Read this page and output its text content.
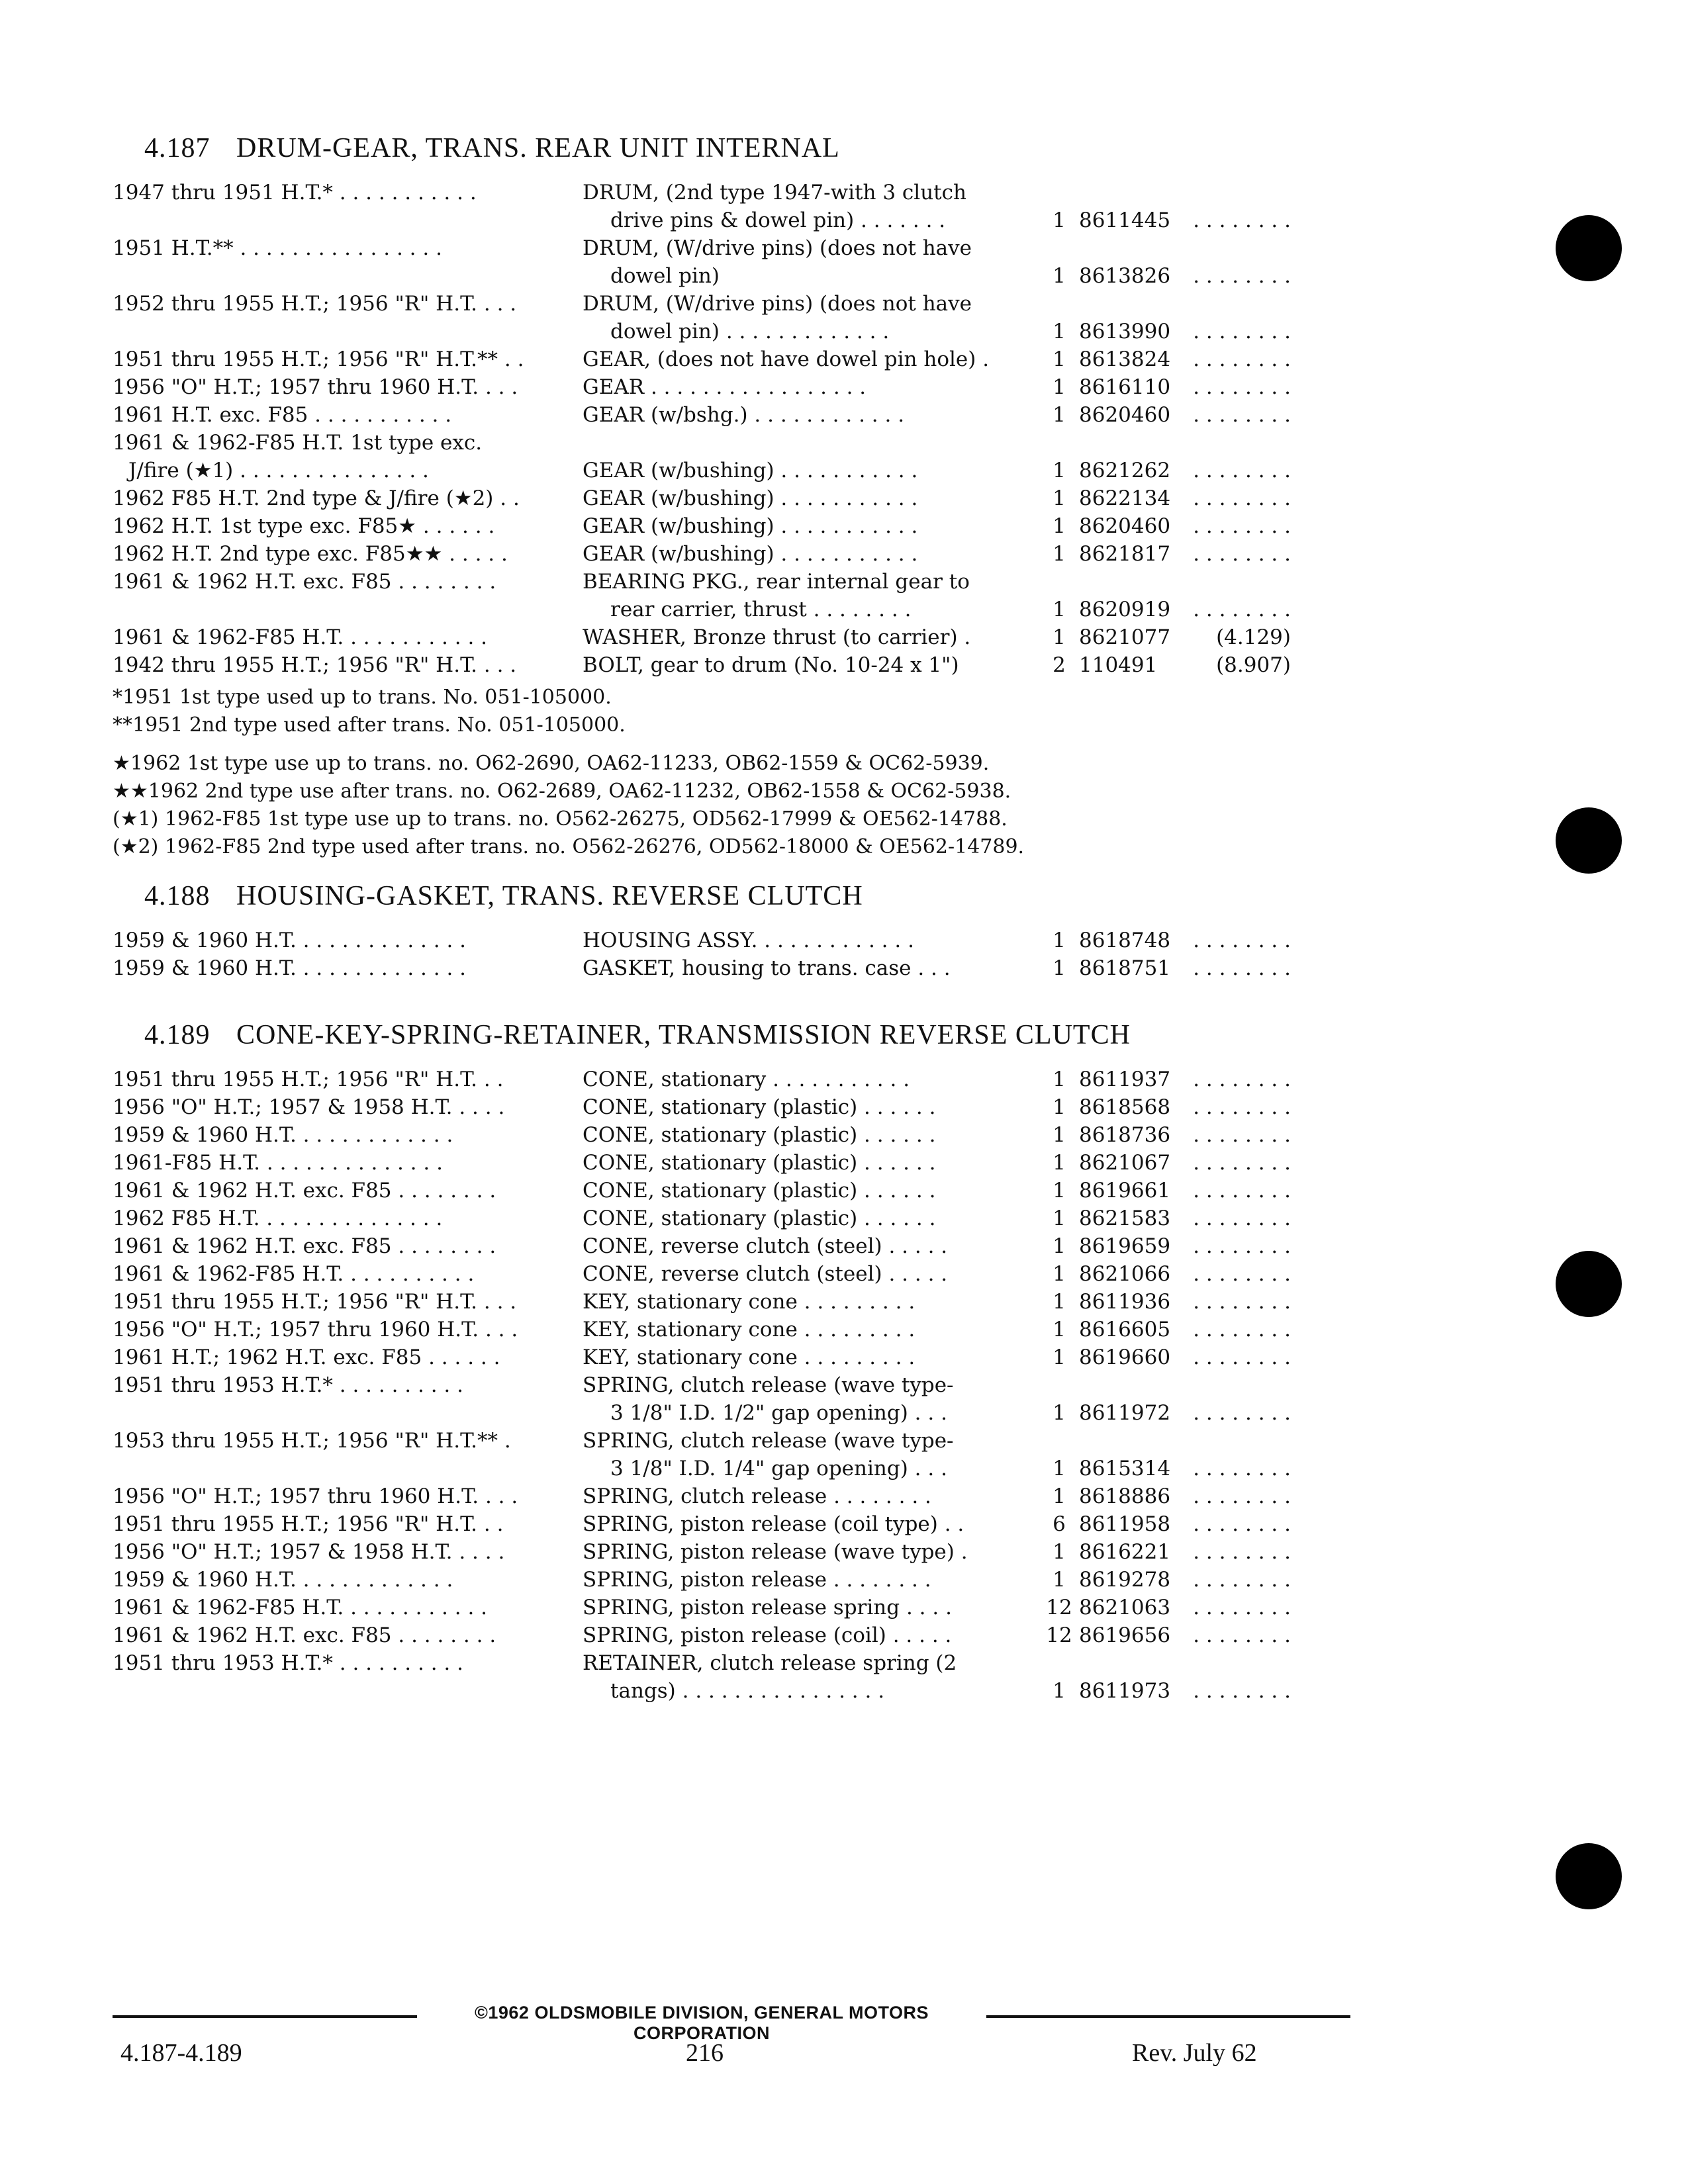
4.187 DRUM-GEAR, TRANS. REAR UNIT INTERNAL
1947 thru 1951 H.T.* . . . . . . . . . . .	DRUM, (2nd type 1947-with 3 clutch
drive pins & dowel pin) . . . . . . .	1 8611445	. . . . . . . .
1951 H.T.** . . . . . . . . . . . . . . . .	DRUM, (W/drive pins) (does not have
dowel pin)	1 8613826	. . . . . . . .
1952 thru 1955 H.T.; 1956 "R" H.T. . . .	DRUM, (W/drive pins) (does not have
dowel pin) . . . . . . . . . . . . .	1 8613990	. . . . . . . .
1951 thru 1955 H.T.; 1956 "R" H.T.** . .	GEAR, (does not have dowel pin hole) .	1 8613824	. . . . . . . .
1956 "O" H.T.; 1957 thru 1960 H.T. . . .	GEAR . . . . . . . . . . . . . . . . .	1 8616110	. . . . . . . .
1961 H.T. exc. F85 . . . . . . . . . . .	GEAR (w/bshg.) . . . . . . . . . . . .	1 8620460	. . . . . . . .
1961 & 1962-F85 H.T. 1st type exc.
J/fire (★1) . . . . . . . . . . . . . . .	GEAR (w/bushing) . . . . . . . . . . .	1 8621262	. . . . . . . .
1962 F85 H.T. 2nd type & J/fire (★2) . .	GEAR (w/bushing) . . . . . . . . . . .	1 8622134	. . . . . . . .
1962 H.T. 1st type exc. F85★ . . . . . .	GEAR (w/bushing) . . . . . . . . . . .	1 8620460	. . . . . . . .
1962 H.T. 2nd type exc. F85★★ . . . . .	GEAR (w/bushing) . . . . . . . . . . .	1 8621817	. . . . . . . .
1961 & 1962 H.T. exc. F85 . . . . . . . .	BEARING PKG., rear internal gear to
rear carrier, thrust . . . . . . . .	1 8620919	. . . . . . . .
1961 & 1962-F85 H.T. . . . . . . . . . . .	WASHER, Bronze thrust (to carrier) .	1 8621077	(4.129)
1942 thru 1955 H.T.; 1956 "R" H.T. . . .	BOLT, gear to drum (No. 10-24 x 1")	2 110491	(8.907)
*1951 1st type used up to trans. No. 051-105000.
**1951 2nd type used after trans. No. 051-105000.
★1962 1st type use up to trans. no. O62-2690, OA62-11233, OB62-1559 & OC62-5939.
★★1962 2nd type use after trans. no. O62-2689, OA62-11232, OB62-1558 & OC62-5938.
(★1) 1962-F85 1st type use up to trans. no. O562-26275, OD562-17999 & OE562-14788.
(★2) 1962-F85 2nd type used after trans. no. O562-26276, OD562-18000 & OE562-14789.
4.188 HOUSING-GASKET, TRANS. REVERSE CLUTCH
1959 & 1960 H.T. . . . . . . . . . . . . .	HOUSING ASSY. . . . . . . . . . . . .	1 8618748	. . . . . . . .
1959 & 1960 H.T. . . . . . . . . . . . . .	GASKET, housing to trans. case . . .	1 8618751	. . . . . . . .
4.189 CONE-KEY-SPRING-RETAINER, TRANSMISSION REVERSE CLUTCH
1951 thru 1955 H.T.; 1956 "R" H.T. . .	CONE, stationary . . . . . . . . . . .	1 8611937	. . . . . . . .
1956 "O" H.T.; 1957 & 1958 H.T. . . . .	CONE, stationary (plastic) . . . . . .	1 8618568	. . . . . . . .
1959 & 1960 H.T. . . . . . . . . . . . .	CONE, stationary (plastic) . . . . . .	1 8618736	. . . . . . . .
1961-F85 H.T. . . . . . . . . . . . . . .	CONE, stationary (plastic) . . . . . .	1 8621067	. . . . . . . .
1961 & 1962 H.T. exc. F85 . . . . . . . .	CONE, stationary (plastic) . . . . . .	1 8619661	. . . . . . . .
1962 F85 H.T. . . . . . . . . . . . . . .	CONE, stationary (plastic) . . . . . .	1 8621583	. . . . . . . .
1961 & 1962 H.T. exc. F85 . . . . . . . .	CONE, reverse clutch (steel) . . . . .	1 8619659	. . . . . . . .
1961 & 1962-F85 H.T. . . . . . . . . . .	CONE, reverse clutch (steel) . . . . .	1 8621066	. . . . . . . .
1951 thru 1955 H.T.; 1956 "R" H.T. . . .	KEY, stationary cone . . . . . . . . .	1 8611936	. . . . . . . .
1956 "O" H.T.; 1957 thru 1960 H.T. . . .	KEY, stationary cone . . . . . . . . .	1 8616605	. . . . . . . .
1961 H.T.; 1962 H.T. exc. F85 . . . . . .	KEY, stationary cone . . . . . . . . .	1 8619660	. . . . . . . .
1951 thru 1953 H.T.* . . . . . . . . . .	SPRING, clutch release (wave type-
3 1/8" I.D. 1/2" gap opening) . . .	1 8611972	. . . . . . . .
1953 thru 1955 H.T.; 1956 "R" H.T.** .	SPRING, clutch release (wave type-
3 1/8" I.D. 1/4" gap opening) . . .	1 8615314	. . . . . . . .
1956 "O" H.T.; 1957 thru 1960 H.T. . . .	SPRING, clutch release . . . . . . . .	1 8618886	. . . . . . . .
1951 thru 1955 H.T.; 1956 "R" H.T. . .	SPRING, piston release (coil type) . .	6 8611958	. . . . . . . .
1956 "O" H.T.; 1957 & 1958 H.T. . . . .	SPRING, piston release (wave type) .	1 8616221	. . . . . . . .
1959 & 1960 H.T. . . . . . . . . . . . .	SPRING, piston release . . . . . . . .	1 8619278	. . . . . . . .
1961 & 1962-F85 H.T. . . . . . . . . . . .	SPRING, piston release spring . . . .	12 8621063	. . . . . . . .
1961 & 1962 H.T. exc. F85 . . . . . . . .	SPRING, piston release (coil) . . . . .	12 8619656	. . . . . . . .
1951 thru 1953 H.T.* . . . . . . . . . .	RETAINER, clutch release spring (2
tangs) . . . . . . . . . . . . . . . .	1 8611973	. . . . . . . .
©1962 OLDSMOBILE DIVISION, GENERAL MOTORS CORPORATION
4.187-4.189	216	Rev. July 62
